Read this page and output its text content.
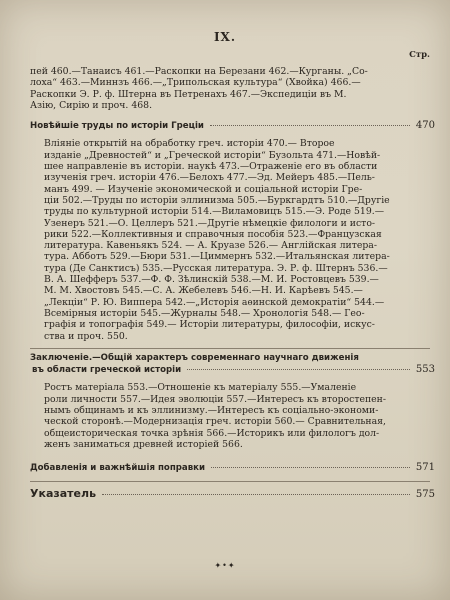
IX.
Стр.
пей 460.—Танаисъ 461.—Раскопки на Березани 462.—Курганы. „Со-
лоха“ 463.—Миннзъ 466.—„Трипольская культура“ (Хвойка) 466.—
Раскопки Э. Р. ф. Штерна въ Петренахъ 467.—Экспедиціи въ М.
Азію, Сирію и проч. 468.
Новѣйшіе труды по исторіи Греціи	470
Вліяніе открытій на обработку греч. исторіи 470.— Второе
изданіе „Древностей“ и „Греческой исторіи“ Бузольта 471.—Новѣй-
шее направленіе въ исторіи. наукѣ 473.—Отраженіе его въ области
изученія греч. исторіи 476.—Белохъ 477.—Эд. Мейеръ 485.—Пель-
манъ 499. — Изученіе экономической и соціальной исторіи Гре-
ціи 502.—Труды по исторіи эллинизма 505.—Буркгардтъ 510.—Другіе
труды по культурной исторіи 514.—Виламовицъ 515.—Э. Роде 519.—
Узенеръ 521.—О. Целлеръ 521.—Другіе нѣмецкіе филологи и исто-
рики 522.—Коллективныя и справочныя пособія 523.—Французская
литература. Кавеньякъ 524. — А. Круазе 526.— Англійская литера-
тура. Абботъ 529.—Бюри 531.—Циммернъ 532.—Итальянская литера-
тура (Де Санктисъ) 535.—Русская литература. Э. Р. ф. Штернъ 536.—
В. А. Шефферъ 537.—Ф. Ф. Зѣлинскій 538.—М. И. Ростовцевъ 539.—
М. М. Хвостовъ 545.—С. А. Жебелевъ 546.—Н. И. Карѣевъ 545.—
„Лекціи“ Р. Ю. Виппера 542.—„Исторія аѳинской демократіи“ 544.—
Всемірныя исторіи 545.—Журналы 548.— Хронологія 548.— Гео-
графія и топографія 549.— Исторіи литературы, философіи, искус-
ства и проч. 550.
Заключеніе.—Общій характеръ современнаго научнаго движенія
въ области греческой исторіи	553
Ростъ матеріала 553.—Отношеніе къ матеріалу 555.—Умаленіе
роли личности 557.—Идея эволюціи 557.—Интересъ къ второстепен-
нымъ общинамъ и къ эллинизму.—Интересъ къ соціально-экономи-
ческой сторонѣ.—Модернизація греч. исторіи 560.— Сравнительная,
общеисторическая точка зрѣнія 566.—Историкъ или филологъ дол-
женъ заниматься древней исторіей 566.
Добавленія и важнѣйшія поправки	571
Указатель	575
✦•✦
